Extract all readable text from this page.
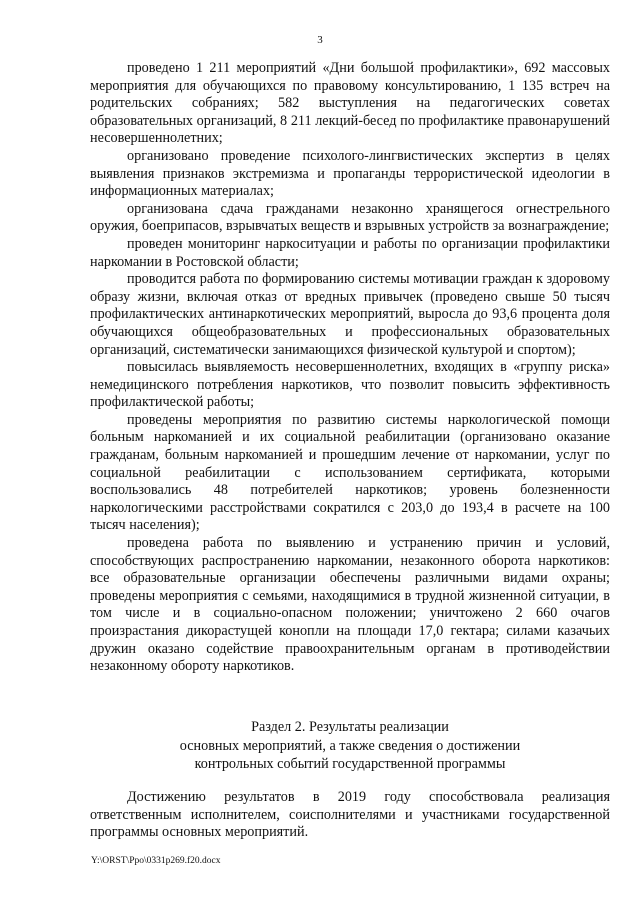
3

проведено 1 211 мероприятий «Дни большой профилактики», 692 массовых мероприятия для обучающихся по правовому консультированию, 1 135 встреч на родительских собраниях; 582 выступления на педагогических советах образовательных организаций, 8 211 лекций-бесед по профилактике правонарушений несовершеннолетних;

организовано проведение психолого-лингвистических экспертиз в целях выявления признаков экстремизма и пропаганды террористической идеологии в информационных материалах;

организована сдача гражданами незаконно хранящегося огнестрельного оружия, боеприпасов, взрывчатых веществ и взрывных устройств за вознаграждение;

проведен мониторинг наркоситуации и работы по организации профилактики наркомании в Ростовской области;

проводится работа по формированию системы мотивации граждан к здоровому образу жизни, включая отказ от вредных привычек (проведено свыше 50 тысяч профилактических антинаркотических мероприятий, выросла до 93,6 процента доля обучающихся общеобразовательных и профессиональных образовательных организаций, систематически занимающихся физической культурой и спортом);

повысилась выявляемость несовершеннолетних, входящих в «группу риска» немедицинского потребления наркотиков, что позволит повысить эффективность профилактической работы;

проведены мероприятия по развитию системы наркологической помощи больным наркоманией и их социальной реабилитации (организовано оказание гражданам, больным наркоманией и прошедшим лечение от наркомании, услуг по социальной реабилитации с использованием сертификата, которыми воспользовались 48 потребителей наркотиков; уровень болезненности наркологическими расстройствами сократился с 203,0 до 193,4 в расчете на 100 тысяч населения);

проведена работа по выявлению и устранению причин и условий, способствующих распространению наркомании, незаконного оборота наркотиков: все образовательные организации обеспечены различными видами охраны; проведены мероприятия с семьями, находящимися в трудной жизненной ситуации, в том числе и в социально-опасном положении; уничтожено 2 660 очагов произрастания дикорастущей конопли на площади 17,0 гектара; силами казачьих дружин оказано содействие правоохранительным органам в противодействии незаконному обороту наркотиков.

Раздел 2. Результаты реализации
основных мероприятий, а также сведения о достижении
контрольных событий государственной программы

Достижению результатов в 2019 году способствовала реализация ответственным исполнителем, соисполнителями и участниками государственной программы основных мероприятий.

Y:\ORST\Ppo\0331p269.f20.docx
